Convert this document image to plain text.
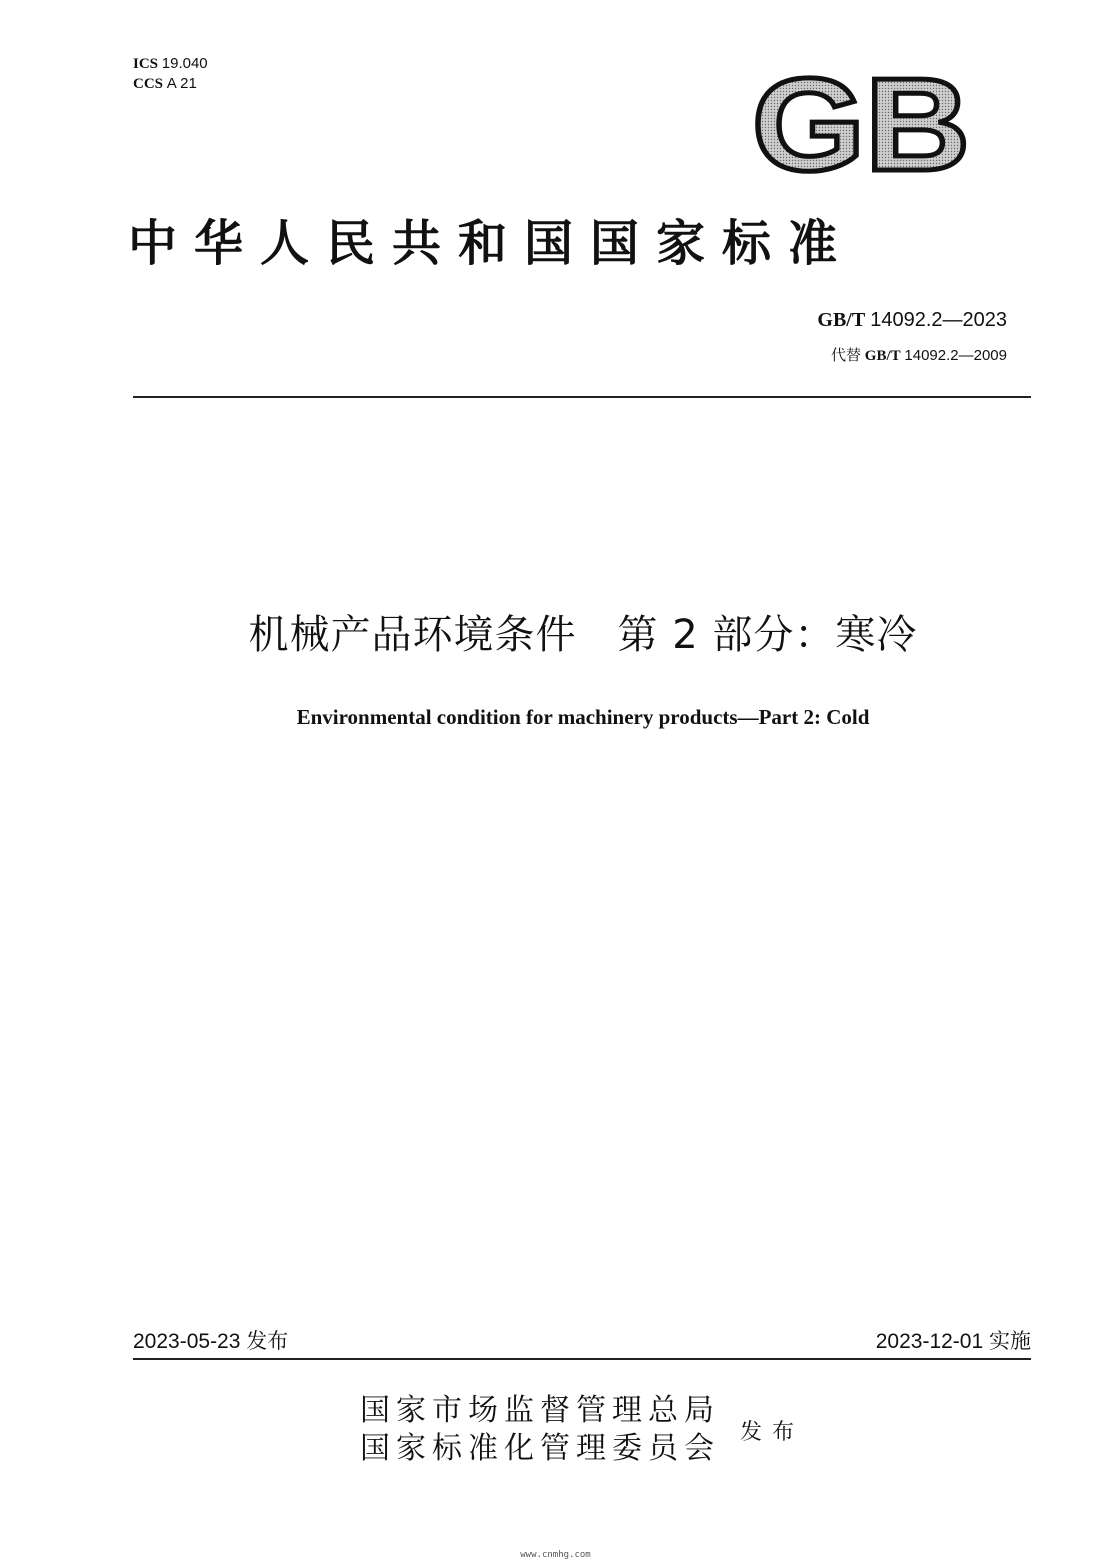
ICS 19.040
CCS A 21	GB
中华人民共和国国家标准
GB/T 14092.2—2023
代替 GB/T 14092.2—2009
机械产品环境条件　第 2 部分：寒冷
Environmental condition for machinery products—Part 2: Cold
2023-05-23 发布	2023-12-01 实施
国家市场监督管理总局
国家标准化管理委员会 发布
www.cnmhg.com
